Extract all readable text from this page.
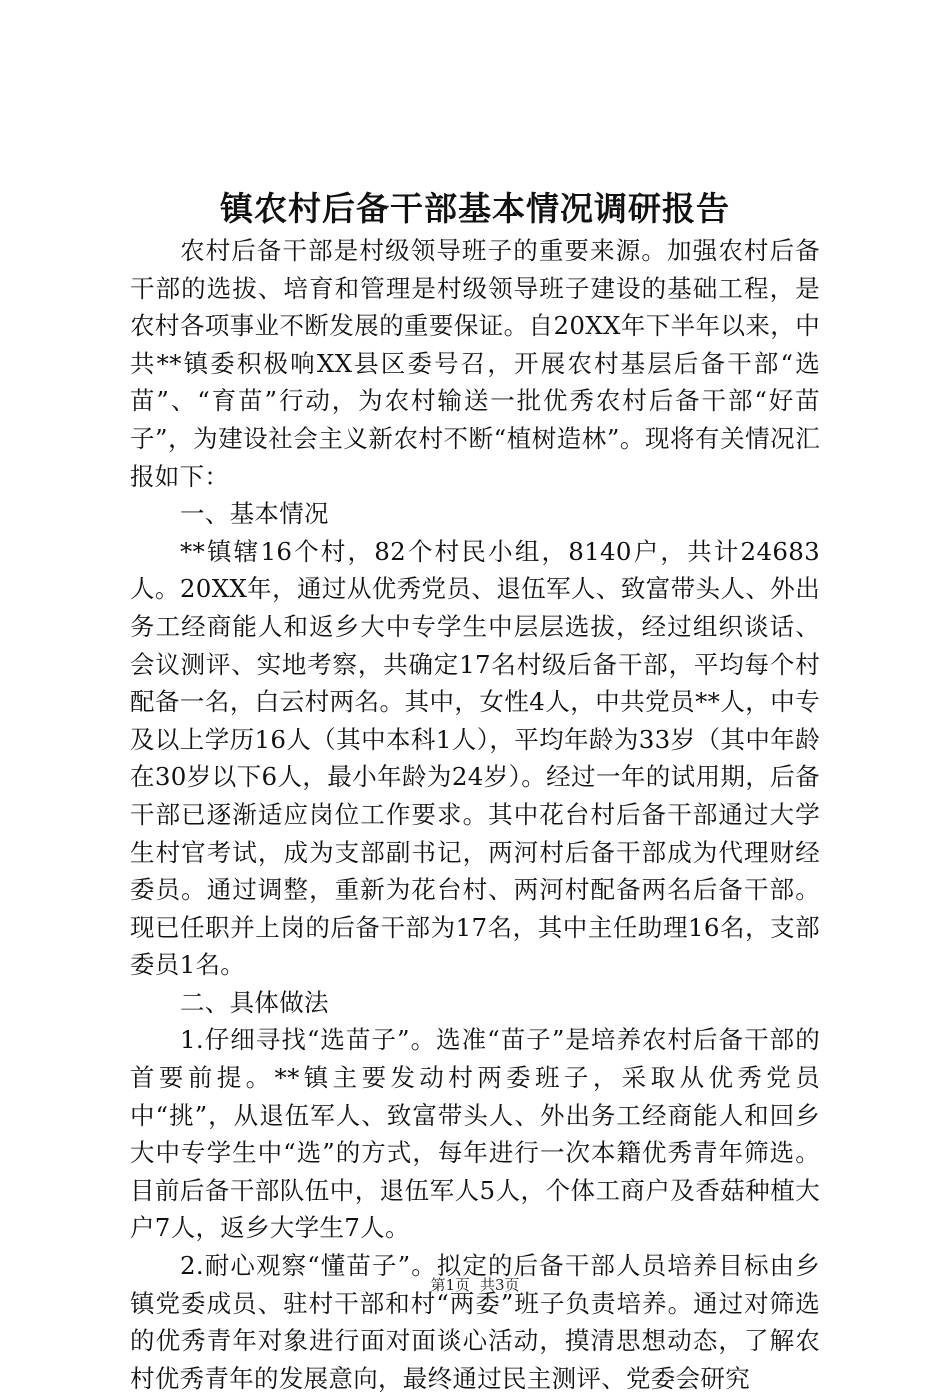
镇农村后备干部基本情况调研报告

农村后备干部是村级领导班子的重要来源。加强农村后备干部的选拔、培育和管理是村级领导班子建设的基础工程，是农村各项事业不断发展的重要保证。自20XX年下半年以来，中共**镇委积极响XX县区委号召，开展农村基层后备干部“选苗”、“育苗”行动，为农村输送一批优秀农村后备干部“好苗子”，为建设社会主义新农村不断“植树造林”。现将有关情况汇报如下：

一、基本情况

**镇辖16个村，82个村民小组，8140户，共计24683人。20XX年，通过从优秀党员、退伍军人、致富带头人、外出务工经商能人和返乡大中专学生中层层选拔，经过组织谈话、会议测评、实地考察，共确定17名村级后备干部，平均每个村配备一名，白云村两名。其中，女性4人，中共党员**人，中专及以上学历16人（其中本科1人），平均年龄为33岁（其中年龄在30岁以下6人，最小年龄为24岁）。经过一年的试用期，后备干部已逐渐适应岗位工作要求。其中花台村后备干部通过大学生村官考试，成为支部副书记，两河村后备干部成为代理财经委员。通过调整，重新为花台村、两河村配备两名后备干部。现已任职并上岗的后备干部为17名，其中主任助理16名，支部委员1名。

二、具体做法

1.仔细寻找“选苗子”。选准“苗子”是培养农村后备干部的首要前提。**镇主要发动村两委班子，采取从优秀党员中“挑”，从退伍军人、致富带头人、外出务工经商能人和回乡大中专学生中“选”的方式，每年进行一次本籍优秀青年筛选。目前后备干部队伍中，退伍军人5人，个体工商户及香菇种植大户7人，返乡大学生7人。

2.耐心观察“懂苗子”。拟定的后备干部人员培养目标由乡镇党委成员、驻村干部和村“两委”班子负责培养。通过对筛选的优秀青年对象进行面对面谈心活动，摸清思想动态，了解农村优秀青年的发展意向，最终通过民主测评、党委会研究

第1页 共3页
